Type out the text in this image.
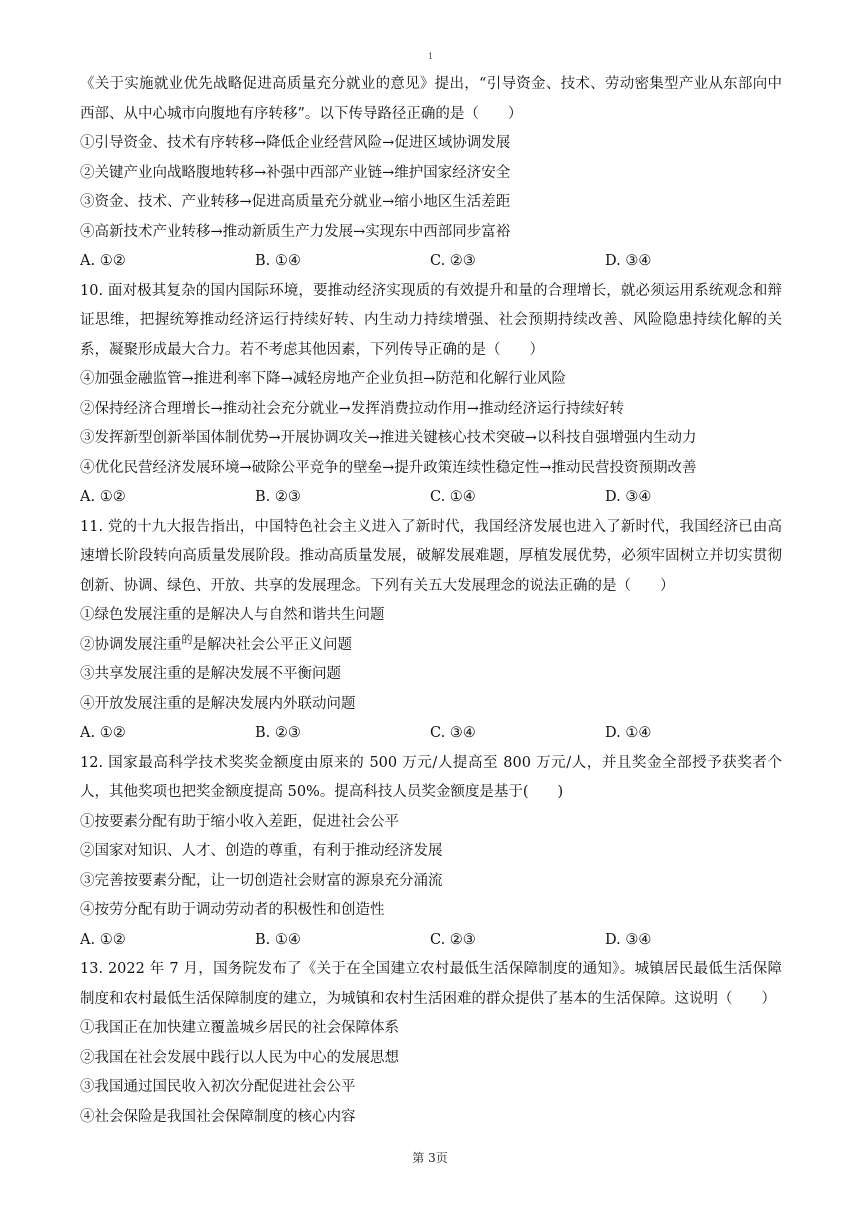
1
《关于实施就业优先战略促进高质量充分就业的意见》提出，“引导资金、技术、劳动密集型产业从东部向中西部、从中心城市向腹地有序转移”。以下传导路径正确的是（　　）
①引导资金、技术有序转移→降低企业经营风险→促进区域协调发展
②关键产业向战略腹地转移→补强中西部产业链→维护国家经济安全
③资金、技术、产业转移→促进高质量充分就业→缩小地区生活差距
④高新技术产业转移→推动新质生产力发展→实现东中西部同步富裕
A. ①②	B. ①④	C. ②③	D. ③④
10. 面对极其复杂的国内国际环境，要推动经济实现质的有效提升和量的合理增长，就必须运用系统观念和辩证思维，把握统筹推动经济运行持续好转、内生动力持续增强、社会预期持续改善、风险隐患持续化解的关系，凝聚形成最大合力。若不考虑其他因素，下列传导正确的是（　　）
④加强金融监管→推进利率下降→减轻房地产企业负担→防范和化解行业风险
②保持经济合理增长→推动社会充分就业→发挥消费拉动作用→推动经济运行持续好转
③发挥新型创新举国体制优势→开展协调攻关→推进关键核心技术突破→以科技自强增强内生动力
④优化民营经济发展环境→破除公平竞争的壁垒→提升政策连续性稳定性→推动民营投资预期改善
A. ①②	B. ②③	C. ①④	D. ③④
11. 党的十九大报告指出，中国特色社会主义进入了新时代，我国经济发展也进入了新时代，我国经济已由高速增长阶段转向高质量发展阶段。推动高质量发展，破解发展难题，厚植发展优势，必须牢固树立并切实贯彻创新、协调、绿色、开放、共享的发展理念。下列有关五大发展理念的说法正确的是（　　）
①绿色发展注重的是解决人与自然和谐共生问题
②协调发展注重$^的$是解决社会公平正义问题
③共享发展注重的是解决发展不平衡问题
④开放发展注重的是解决发展内外联动问题
A. ①②	B. ②③	C. ③④	D. ①④
12. 国家最高科学技术奖奖金额度由原来的 500 万元/人提高至 800 万元/人，并且奖金全部授予获奖者个人，其他奖项也把奖金额度提高 50%。提高科技人员奖金额度是基于(　　)
①按要素分配有助于缩小收入差距，促进社会公平
②国家对知识、人才、创造的尊重，有利于推动经济发展
③完善按要素分配，让一切创造社会财富的源泉充分涌流
④按劳分配有助于调动劳动者的积极性和创造性
A. ①②	B. ①④	C. ②③	D. ③④
13. 2022 年 7 月，国务院发布了《关于在全国建立农村最低生活保障制度的通知》。城镇居民最低生活保障制度和农村最低生活保障制度的建立，为城镇和农村生活困难的群众提供了基本的生活保障。这说明（　　）
①我国正在加快建立覆盖城乡居民的社会保障体系
②我国在社会发展中践行以人民为中心的发展思想
③我国通过国民收入初次分配促进社会公平
④社会保险是我国社会保障制度的核心内容
第 3页
